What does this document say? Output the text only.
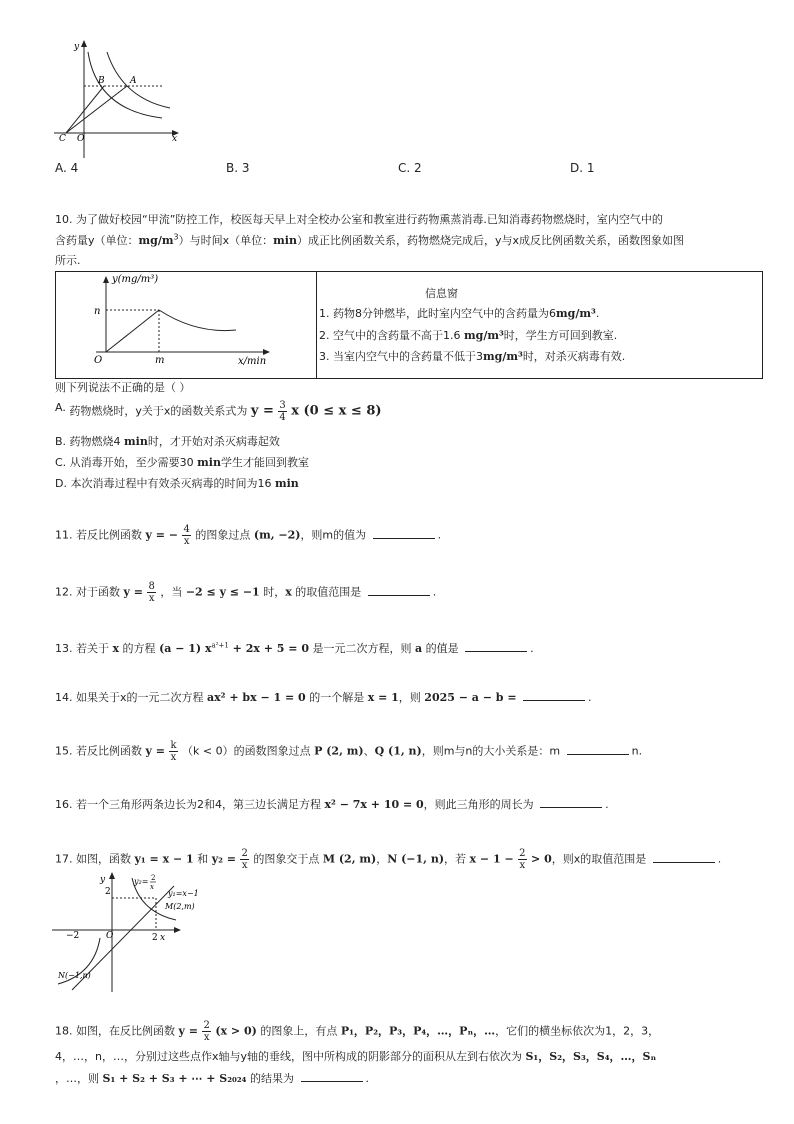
y
x
A
B
C O
A. 4	B. 3	C. 2	D. 1
10. 为了做好校园“甲流”防控工作，校医每天早上对全校办公室和教室进行药物熏蒸消毒.已知消毒药物燃烧时，室内空气中的
含药量y（单位：$mg/m^3$）与时间x（单位：min）成正比例函数关系，药物燃烧完成后，y与x成反比例函数关系，函数图象如图
所示.
y(mg/m³)
n
O	m	x/min

信息窗
1. 药物8分钟燃毕，此时室内空气中的含药量为6mg/m³.
2. 空气中的含药量不高于1.6 mg/m³时，学生方可回到教室.
3. 当室内空气中的含药量不低于3mg/m³时，对杀灭病毒有效.
则下列说法不正确的是（ ）
A. 药物燃烧时，y关于x的函数关系式为 $y = \frac{3}{4}$ x (0 ≤ x ≤ 8)
B. 药物燃烧4 min时，才开始对杀灭病毒起效
C. 从消毒开始，至少需要30 min学生才能回到教室
D. 本次消毒过程中有效杀灭病毒的时间为16 min
11. 若反比例函数 y = − $\frac{4}{x}$ 的图象过点 (m, −2)，则m的值为	.
12. 对于函数 $y = \frac{8}{x}$ ，当 −2 ≤ y ≤ −1 时，x 的取值范围是	.
13. 若关于 x 的方程 (a − 1) $x^{a^2+1} + 2x + 5 = 0$ 是一元二次方程，则 a 的值是	.
14. 如果关于x的一元二次方程 ax² + bx − 1 = 0 的一个解是 x = 1，则 2025 − a − b =	.
15. 若反比例函数 $y = \frac{k}{x} (k < 0)$的函数图象过点 P (2, m)、Q (1, n)，则m与n的大小关系是：m	n.
16. 若一个三角形两条边长为2和4，第三边长满足方程 x² − 7x + 10 = 0，则此三角形的周长为	.
17. 如图，函数 y₁ = x − 1 和 $y_2 = \frac{2}{x}$ 的图象交于点 M (2, m)，N (−1, n)，若 $x - 1 - \frac{2}{x} > 0$，则x的取值范围是	.
y
2
y₂= 2
x
y₁=x−1
M(2,m)
−2	O	2 x
N(−1,n)
18. 如图，在反比例函数 $y = \frac{2}{x} (x > 0)$ 的图象上，有点 P₁，P₂，P₃，P₄，…，Pₙ，…，它们的横坐标依次为1，2，3，
4，…，n，…，分别过这些点作x轴与y轴的垂线，图中所构成的阴影部分的面积从左到右依次为 S₁，S₂，S₃，S₄，…，Sₙ
，…，则 S₁ + S₂ + S₃ + ⋯ + S₂₀₂₄ 的结果为	.
